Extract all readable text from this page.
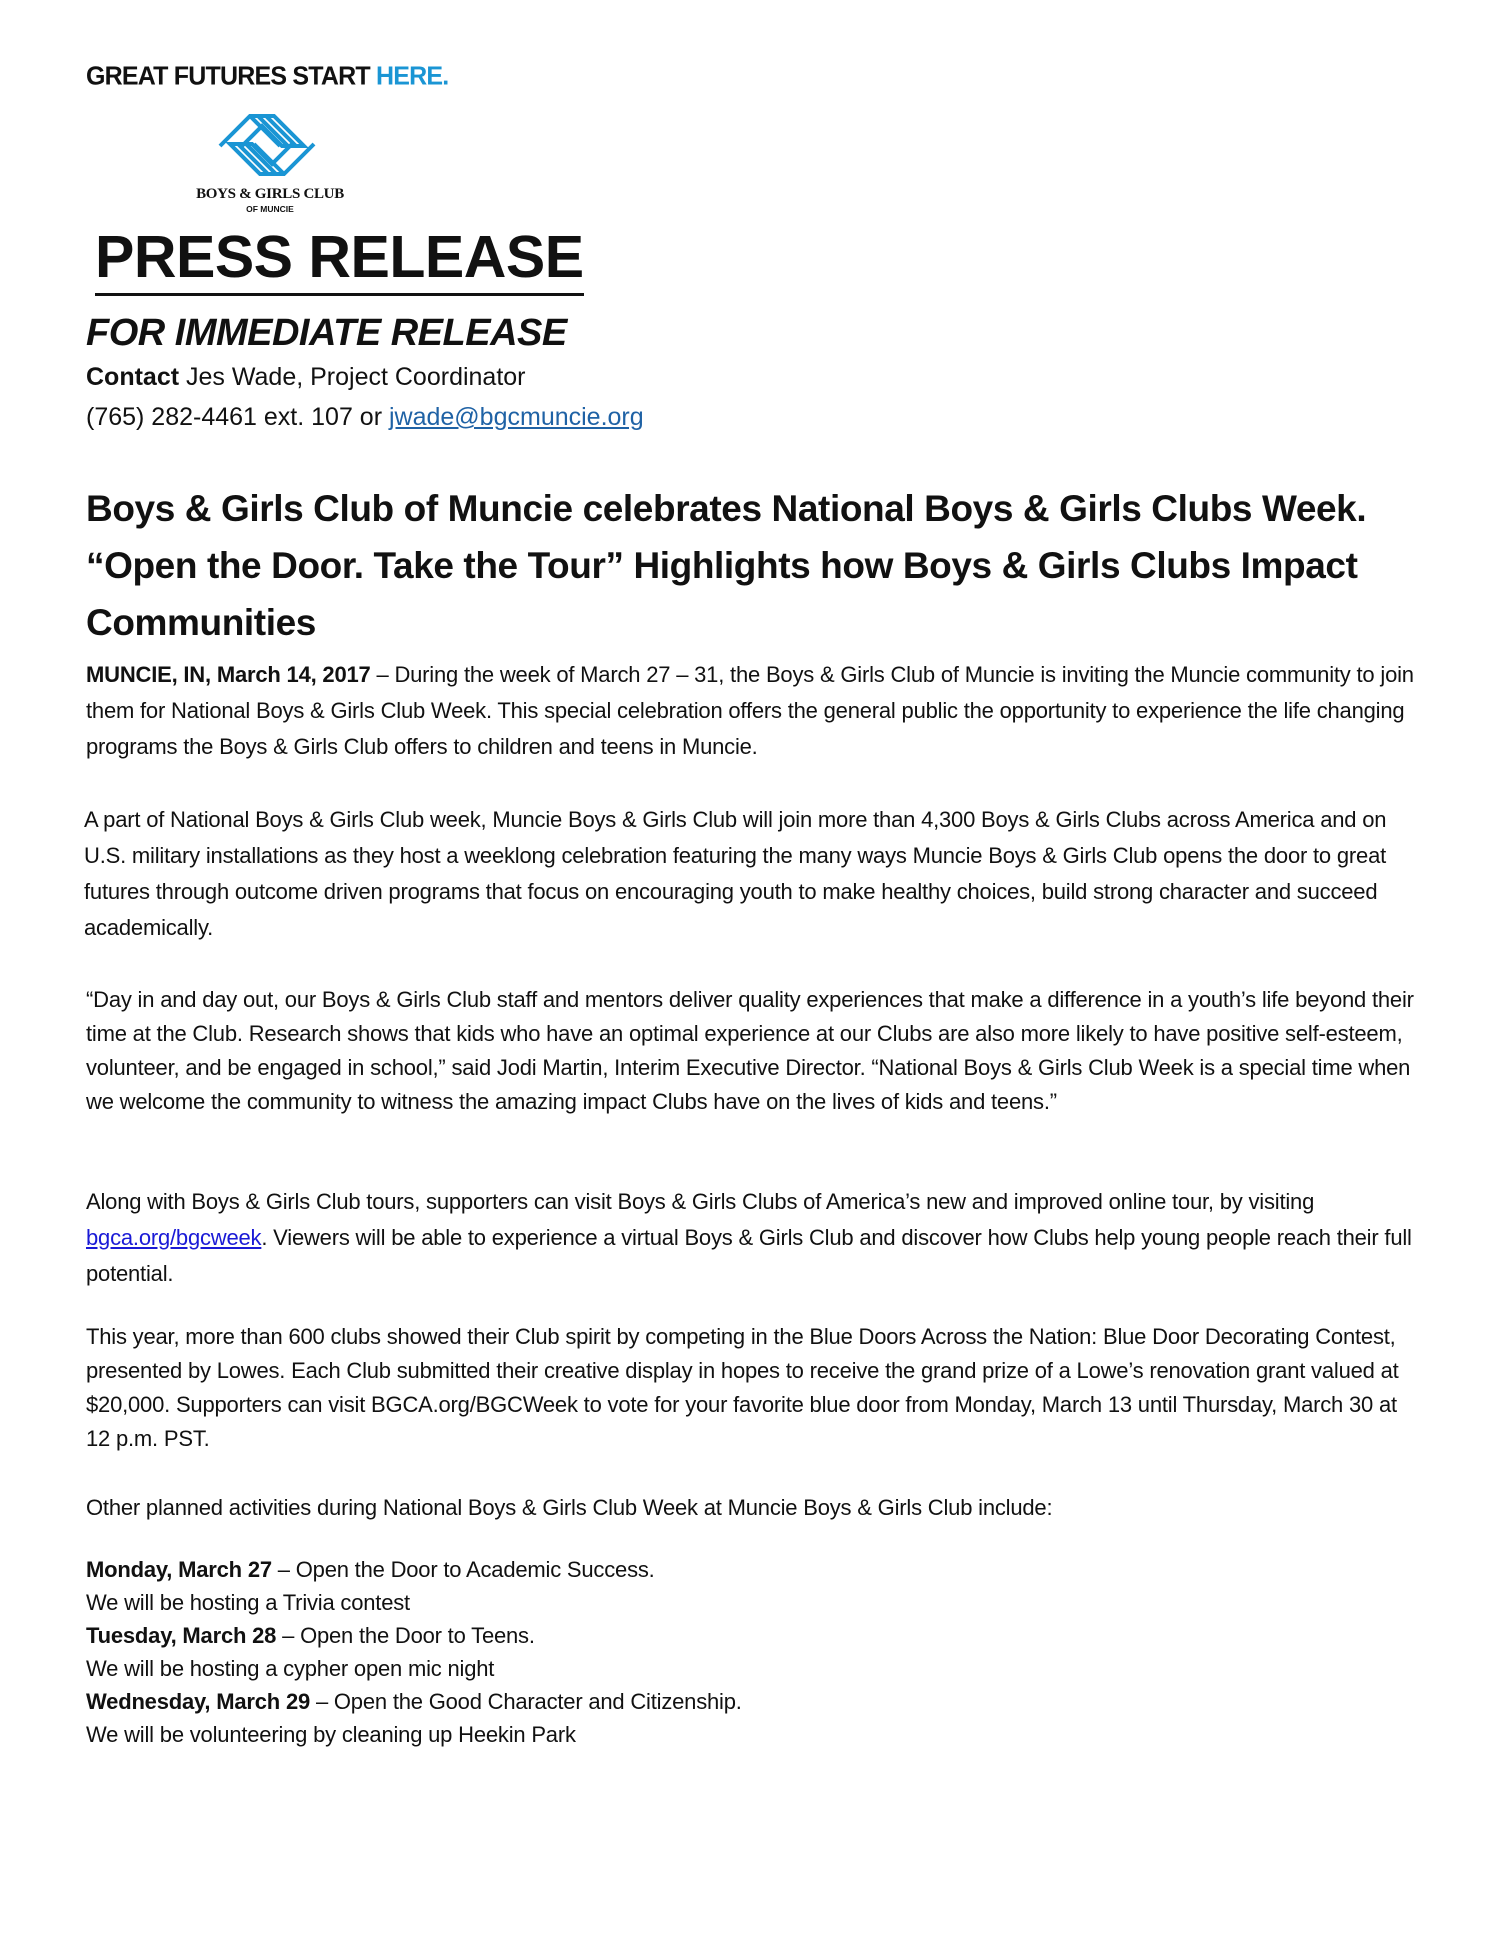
GREAT FUTURES START HERE.
BOYS & GIRLS CLUB
OF MUNCIE
PRESS RELEASE
FOR IMMEDIATE RELEASE
Contact Jes Wade, Project Coordinator
(765) 282-4461 ext. 107 or jwade@bgcmuncie.org
Boys & Girls Club of Muncie celebrates National Boys & Girls Clubs Week. “Open the Door. Take the Tour” Highlights how Boys & Girls Clubs Impact Communities
MUNCIE, IN, March 14, 2017 – During the week of March 27 – 31, the Boys & Girls Club of Muncie is inviting the Muncie community to join them for National Boys & Girls Club Week. This special celebration offers the general public the opportunity to experience the life changing programs the Boys & Girls Club offers to children and teens in Muncie.
A part of National Boys & Girls Club week, Muncie Boys & Girls Club will join more than 4,300 Boys & Girls Clubs across America and on U.S. military installations as they host a weeklong celebration featuring the many ways Muncie Boys & Girls Club opens the door to great futures through outcome driven programs that focus on encouraging youth to make healthy choices, build strong character and succeed academically.
“Day in and day out, our Boys & Girls Club staff and mentors deliver quality experiences that make a difference in a youth’s life beyond their time at the Club. Research shows that kids who have an optimal experience at our Clubs are also more likely to have positive self-esteem, volunteer, and be engaged in school,” said Jodi Martin, Interim Executive Director. “National Boys & Girls Club Week is a special time when we welcome the community to witness the amazing impact Clubs have on the lives of kids and teens.”
Along with Boys & Girls Club tours, supporters can visit Boys & Girls Clubs of America’s new and improved online tour, by visiting bgca.org/bgcweek. Viewers will be able to experience a virtual Boys & Girls Club and discover how Clubs help young people reach their full potential.
This year, more than 600 clubs showed their Club spirit by competing in the Blue Doors Across the Nation: Blue Door Decorating Contest, presented by Lowes. Each Club submitted their creative display in hopes to receive the grand prize of a Lowe’s renovation grant valued at $20,000. Supporters can visit BGCA.org/BGCWeek to vote for your favorite blue door from Monday, March 13 until Thursday, March 30 at 12 p.m. PST.
Other planned activities during National Boys & Girls Club Week at Muncie Boys & Girls Club include:
Monday, March 27 – Open the Door to Academic Success.
We will be hosting a Trivia contest
Tuesday, March 28 – Open the Door to Teens.
We will be hosting a cypher open mic night
Wednesday, March 29 – Open the Good Character and Citizenship.
We will be volunteering by cleaning up Heekin Park
